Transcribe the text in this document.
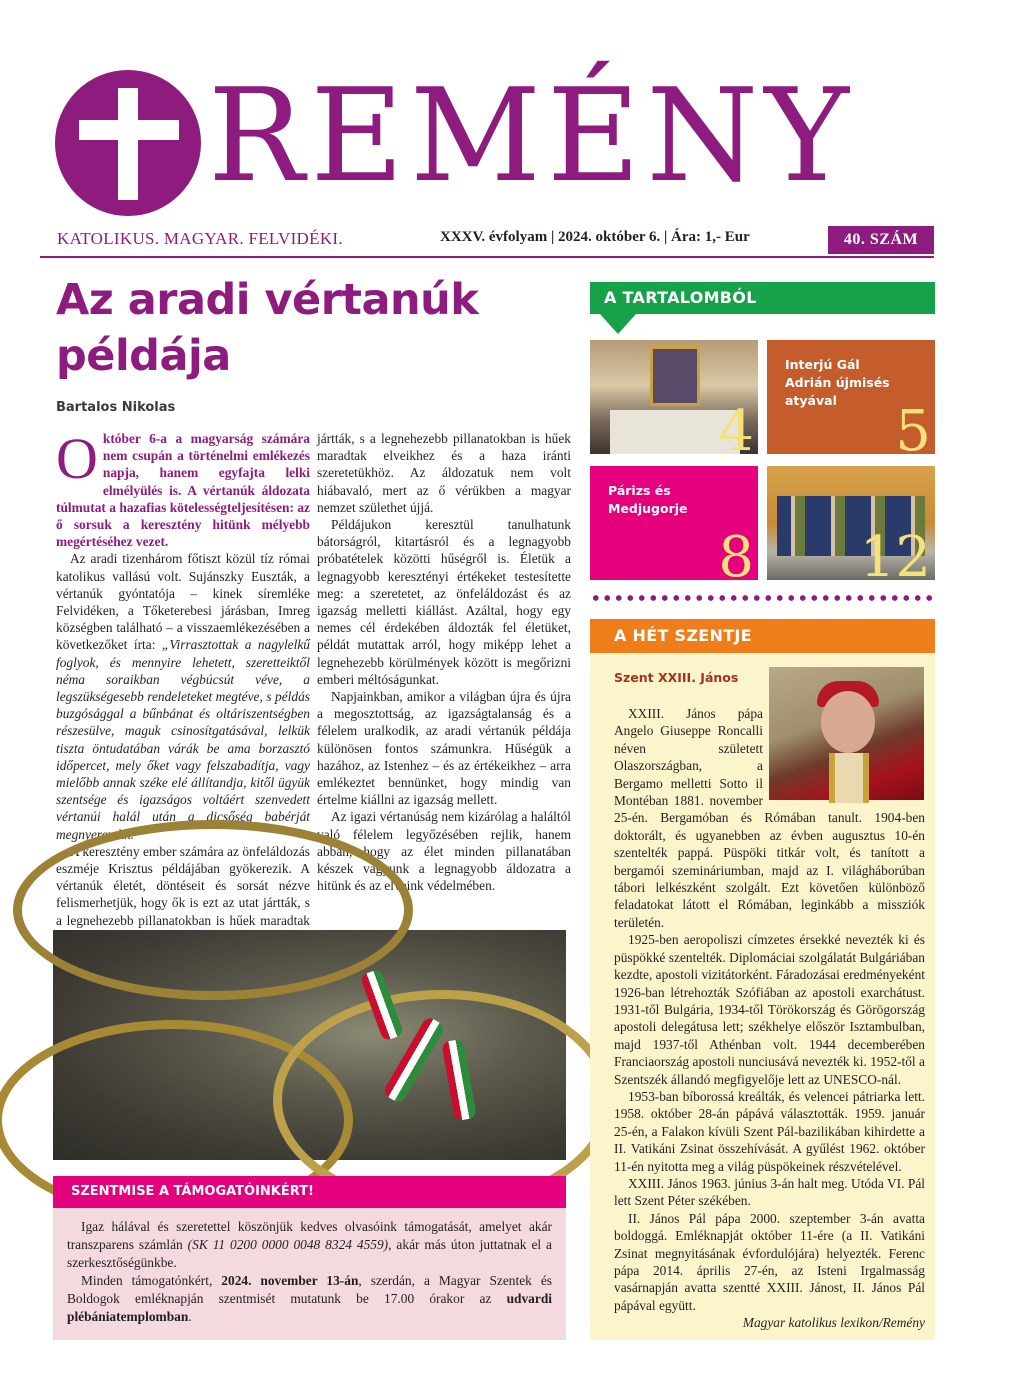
REMÉNY
KATOLIKUS. MAGYAR. FELVIDÉKI.	XXXV. évfolyam | 2024. október 6. | Ára: 1,- Eur	40. SZÁM
Az aradi vértanúk példája
Bartalos Nikolas

Október 6-a a magyarság számára nem csupán a történelmi emlékezés napja, hanem egyfajta lelki elmélyülés is. A vértanúk áldozata túlmutat a hazafias kötelességteljesítésen: az ő sorsuk a keresztény hitünk mélyebb megértéséhez vezet.

Az aradi tizenhárom főtiszt közül tíz római katolikus vallású volt. Sujánszky Euszták, a vértanúk gyóntatója – kinek síremléke Felvidéken, a Tőketerebesi járásban, Imreg községben található – a visszaemlékezésében a következőket írta: „Virrasztottak a nagylelkű foglyok, és mennyire lehetett, szeretteiktől néma soraikban végbúcsút véve, a legszükségesebb rendeleteket megtéve, s példás buzgósággal a bűnbánat és oltáriszentségben részesülve, maguk csinosítgatásával, lelkük tiszta öntudatában várák be ama borzasztó időpercet, mely őket vagy felszabadítja, vagy mielőbb annak széke elé állítandja, kitől ügyük szentsége és igazságos voltáért szenvedett vértanúi halál után a dicsőség babérját megnyerendik.”

A keresztény ember számára az önfeláldozás eszméje Krisztus példájában gyökerezik. A vértanúk életét, döntéseit és sorsát nézve felismerhetjük, hogy ők is ezt az utat jártták, s a legnehezebb pillanatokban is hűek maradtak

jártták, s a legnehezebb pillanatokban is hűek maradtak elveikhez és a haza iránti szeretetükhöz. Az áldozatuk nem volt hiábavaló, mert az ő vérükben a magyar nemzet születhet újjá.

Példájukon keresztül tanulhatunk bátorságról, kitartásról és a legnagyobb próbatételek közötti hűségről is. Életük a legnagyobb keresztényi értékeket testesítette meg: a szeretetet, az önfeláldozást és az igazság melletti kiállást. Azáltal, hogy egy nemes cél érdekében áldozták fel életüket, példát mutattak arról, hogy miképp lehet a legnehezebb körülmények között is megőrizni emberi méltóságunkat.

Napjainkban, amikor a világban újra és újra a megosztottság, az igazságtalanság és a félelem uralkodik, az aradi vértanúk példája különösen fontos számunkra. Hűségük a hazához, az Istenhez – és az értékeikhez – arra emlékeztet bennünket, hogy mindig van értelme kiállni az igazság mellett.

Az igazi vértanúság nem kizárólag a haláltól való félelem legyőzésében rejlik, hanem abban, hogy az élet minden pillanatában készek vagyunk a legnagyobb áldozatra a hitünk és az elveink védelmében.

SZENTMISE A TÁMOGATÓINKÉRT!

Igaz hálával és szeretettel köszönjük kedves olvasóink támogatását, amelyet akár transzparens számlán (SK 11 0200 0000 0048 8324 4559), akár más úton juttatnak el a szerkesztőségünkbe.

Minden támogatónkért, 2024. november 13-án, szerdán, a Magyar Szentek és Boldogok emléknapján szentmisét mutatunk be 17.00 órakor az udvardi plébániatemplomban.

A TARTALOMBÓL
4
Interjú Gál Adrián újmisés atyával	5
Párizs és Medjugorje
8 12
A HÉT SZENTJE
Szent XXIII. János

XXIII. János pápa Angelo Giuseppe Roncalli néven született Olaszországban, a Bergamo melletti Sotto il Montéban 1881. november 25-én. Bergamóban és Rómában tanult. 1904-ben doktorált, és ugyanebben az évben augusztus 10-én szentelték pappá. Püspöki titkár volt, és tanított a bergamói szemináriumban, majd az I. világháborúban tábori lelkészként szolgált. Ezt követően különböző feladatokat látott el Rómában, leginkább a missziók területén.

1925-ben aeropoliszi címzetes érsekké nevezték ki és püspökké szentelték. Diplomáciai szolgálatát Bulgáriában kezdte, apostoli vizitátorként. Fáradozásai eredményeként 1926-ban létrehozták Szófiában az apostoli exarchátust. 1931-től Bulgária, 1934-től Törökország és Görögország apostoli delegátusa lett; székhelye először Isztambulban, majd 1937-től Athénban volt. 1944 decemberében Franciaország apostoli nunciusává nevezték ki. 1952-től a Szentszék állandó megfigyelője lett az UNESCO-nál.

1953-ban bíborossá kreálták, és velencei pátriarka lett. 1958. október 28-án pápává választották. 1959. január 25-én, a Falakon kívüli Szent Pál-bazilikában kihirdette a II. Vatikáni Zsinat összehívását. A gyűlést 1962. október 11-én nyitotta meg a világ püspökeinek részvételével.

XXIII. János 1963. június 3-án halt meg. Utóda VI. Pál lett Szent Péter székében.

II. János Pál pápa 2000. szeptember 3-án avatta boldoggá. Emléknapját október 11-ére (a II. Vatikáni Zsinat megnyitásának évfordulójára) helyezték. Ferenc pápa 2014. április 27-én, az Isteni Irgalmasság vasárnapján avatta szentté XXIII. Jánost, II. János Pál pápával együtt.

Magyar katolikus lexikon/Remény
